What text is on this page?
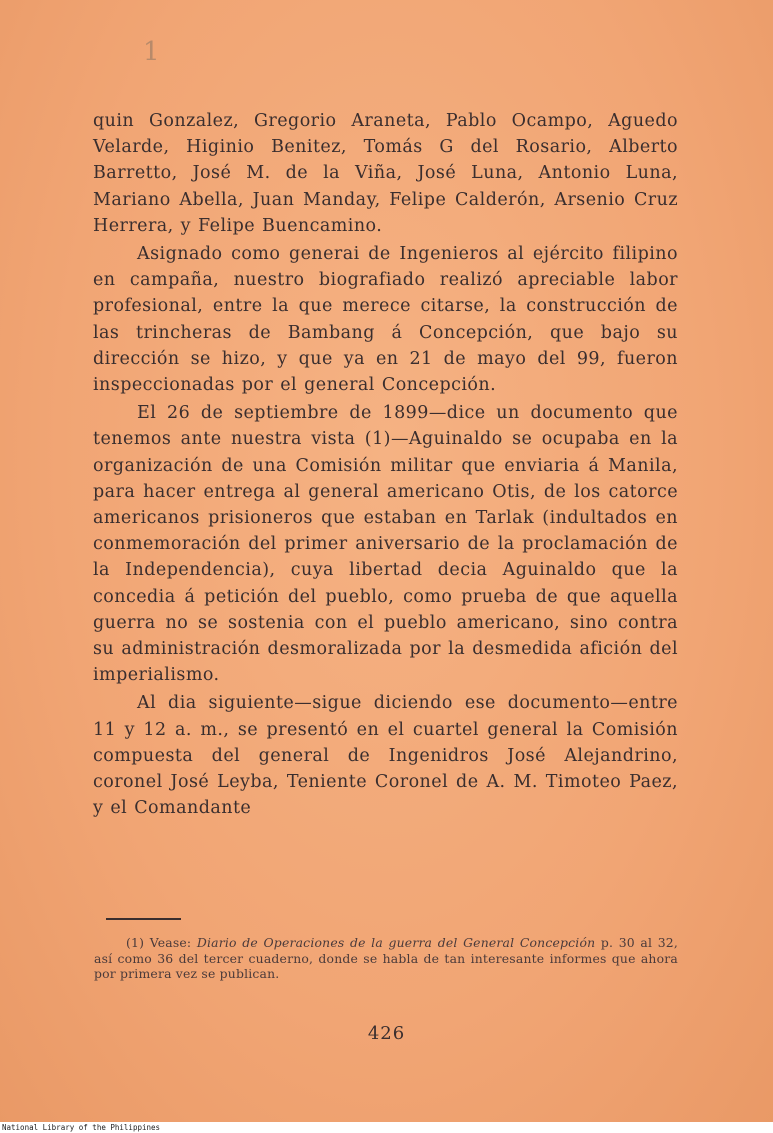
1

quin Gonzalez, Gregorio Araneta, Pablo Ocampo, Aguedo Velarde, Higinio Benitez, Tomás G del Rosario, Alberto Barretto, José M. de la Viña, José Luna, Antonio Luna, Mariano Abella, Juan Manday, Felipe Calderón, Arsenio Cruz Herrera, y Felipe Buencamino.

Asignado como generai de Ingenieros al ejército filipino en campaña, nuestro biografiado realizó apreciable labor profesional, entre la que merece citarse, la construcción de las trincheras de Bambang á Concepción, que bajo su dirección se hizo, y que ya en 21 de mayo del 99, fueron inspeccionadas por el general Concepción.

El 26 de septiembre de 1899—dice un documento que tenemos ante nuestra vista (1)—Aguinaldo se ocupaba en la organización de una Comisión militar que enviaria á Manila, para hacer entrega al general americano Otis, de los catorce americanos prisioneros que estaban en Tarlak (indultados en conmemoración del primer aniversario de la proclamación de la Independencia), cuya libertad decia Aguinaldo que la concedia á petición del pueblo, como prueba de que aquella guerra no se sostenia con el pueblo americano, sino contra su administración desmoralizada por la desmedida afición del imperialismo.

Al dia siguiente—sigue diciendo ese documento—entre 11 y 12 a. m., se presentó en el cuartel general la Comisión compuesta del general de Ingenidros José Alejandrino, coronel José Leyba, Teniente Coronel de A. M. Timoteo Paez, y el Comandante

(1) Vease: Diario de Operaciones de la guerra del General Concepción p. 30 al 32, así como 36 del tercer cuaderno, donde se habla de tan interesante informes que ahora por primera vez se publican.
426
National Library of the Philippines
